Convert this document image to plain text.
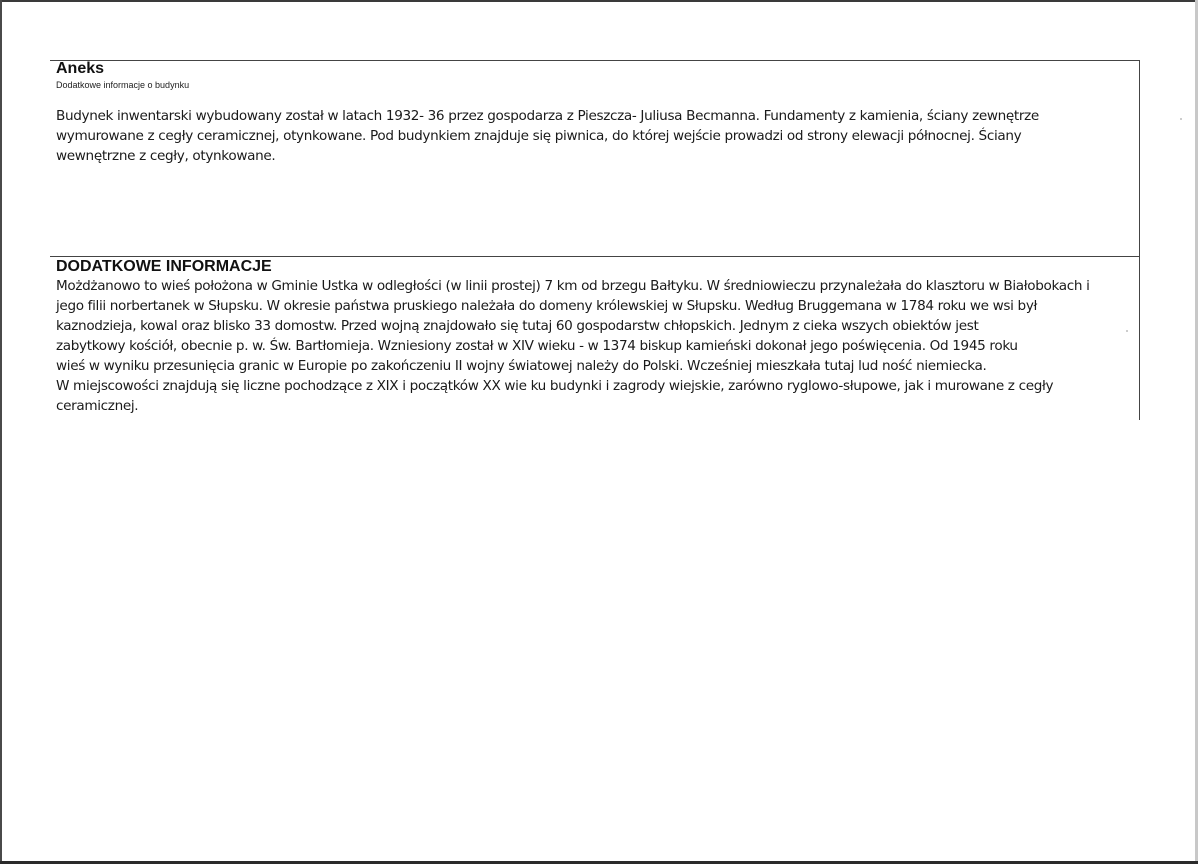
Aneks
Dodatkowe informacje o budynku

Budynek inwentarski wybudowany został w latach 1932- 36 przez gospodarza z Pieszcza- Juliusa Becmanna. Fundamenty z kamienia, ściany zewnętrze
wymurowane z cegły ceramicznej, otynkowane. Pod budynkiem znajduje się piwnica, do której wejście prowadzi od strony elewacji północnej. Ściany
wewnętrzne z cegły, otynkowane.

DODATKOWE INFORMACJE

Możdżanowo to wieś położona w Gminie Ustka w odległości (w linii prostej) 7 km od brzegu Bałtyku. W średniowieczu przynależała do klasztoru w Białobokach i
jego filii norbertanek w Słupsku. W okresie państwa pruskiego należała do domeny królewskiej w Słupsku. Według Bruggemana w 1784 roku we wsi był
kaznodzieja, kowal oraz blisko 33 domostw. Przed wojną znajdowało się tutaj 60 gospodarstw chłopskich. Jednym z cieka wszych obiektów jest
zabytkowy kościół, obecnie p. w. Św. Bartłomieja. Wzniesiony został w XIV wieku - w 1374 biskup kamieński dokonał jego poświęcenia. Od 1945 roku
wieś w wyniku przesunięcia granic w Europie po zakończeniu II wojny światowej należy do Polski. Wcześniej mieszkała tutaj lud ność niemiecka.
W miejscowości znajdują się liczne pochodzące z XIX i początków XX wie ku budynki i zagrody wiejskie, zarówno ryglowo-słupowe, jak i murowane z cegły
ceramicznej.
